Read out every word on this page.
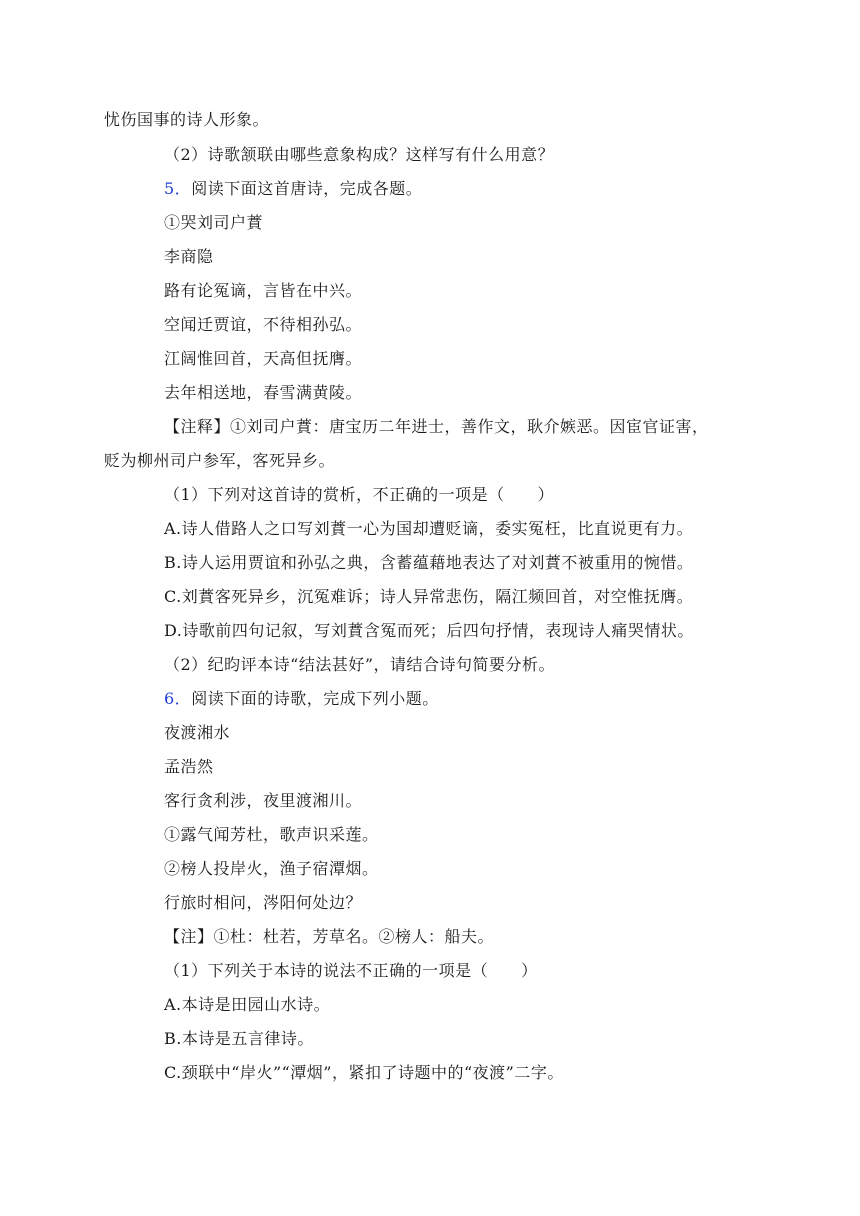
忧伤国事的诗人形象。
（2）诗歌颔联由哪些意象构成？这样写有什么用意？
5．阅读下面这首唐诗，完成各题。
①哭刘司户蕡
李商隐
路有论冤谪，言皆在中兴。
空闻迁贾谊，不待相孙弘。
江阔惟回首，天高但抚膺。
去年相送地，春雪满黄陵。
【注释】①刘司户蕡：唐宝历二年进士，善作文，耿介嫉恶。因宦官证害，
贬为柳州司户参军，客死异乡。
（1）下列对这首诗的赏析，不正确的一项是（　　）
A.诗人借路人之口写刘蕡一心为国却遭贬谪，委实冤枉，比直说更有力。
B.诗人运用贾谊和孙弘之典，含蓄蕴藉地表达了对刘蕡不被重用的惋惜。
C.刘蕡客死异乡，沉冤难诉；诗人异常悲伤，隔江频回首，对空惟抚膺。
D.诗歌前四句记叙，写刘蕡含冤而死；后四句抒情，表现诗人痛哭情状。
（2）纪昀评本诗“结法甚好”，请结合诗句简要分析。
6．阅读下面的诗歌，完成下列小题。
夜渡湘水
孟浩然
客行贪利涉，夜里渡湘川。
①露气闻芳杜，歌声识采莲。
②榜人投岸火，渔子宿潭烟。
行旅时相问，涔阳何处边？
【注】①杜：杜若，芳草名。②榜人：船夫。
（1）下列关于本诗的说法不正确的一项是（　　）
A.本诗是田园山水诗。
B.本诗是五言律诗。
C.颈联中“岸火”“潭烟”，紧扣了诗题中的“夜渡”二字。
